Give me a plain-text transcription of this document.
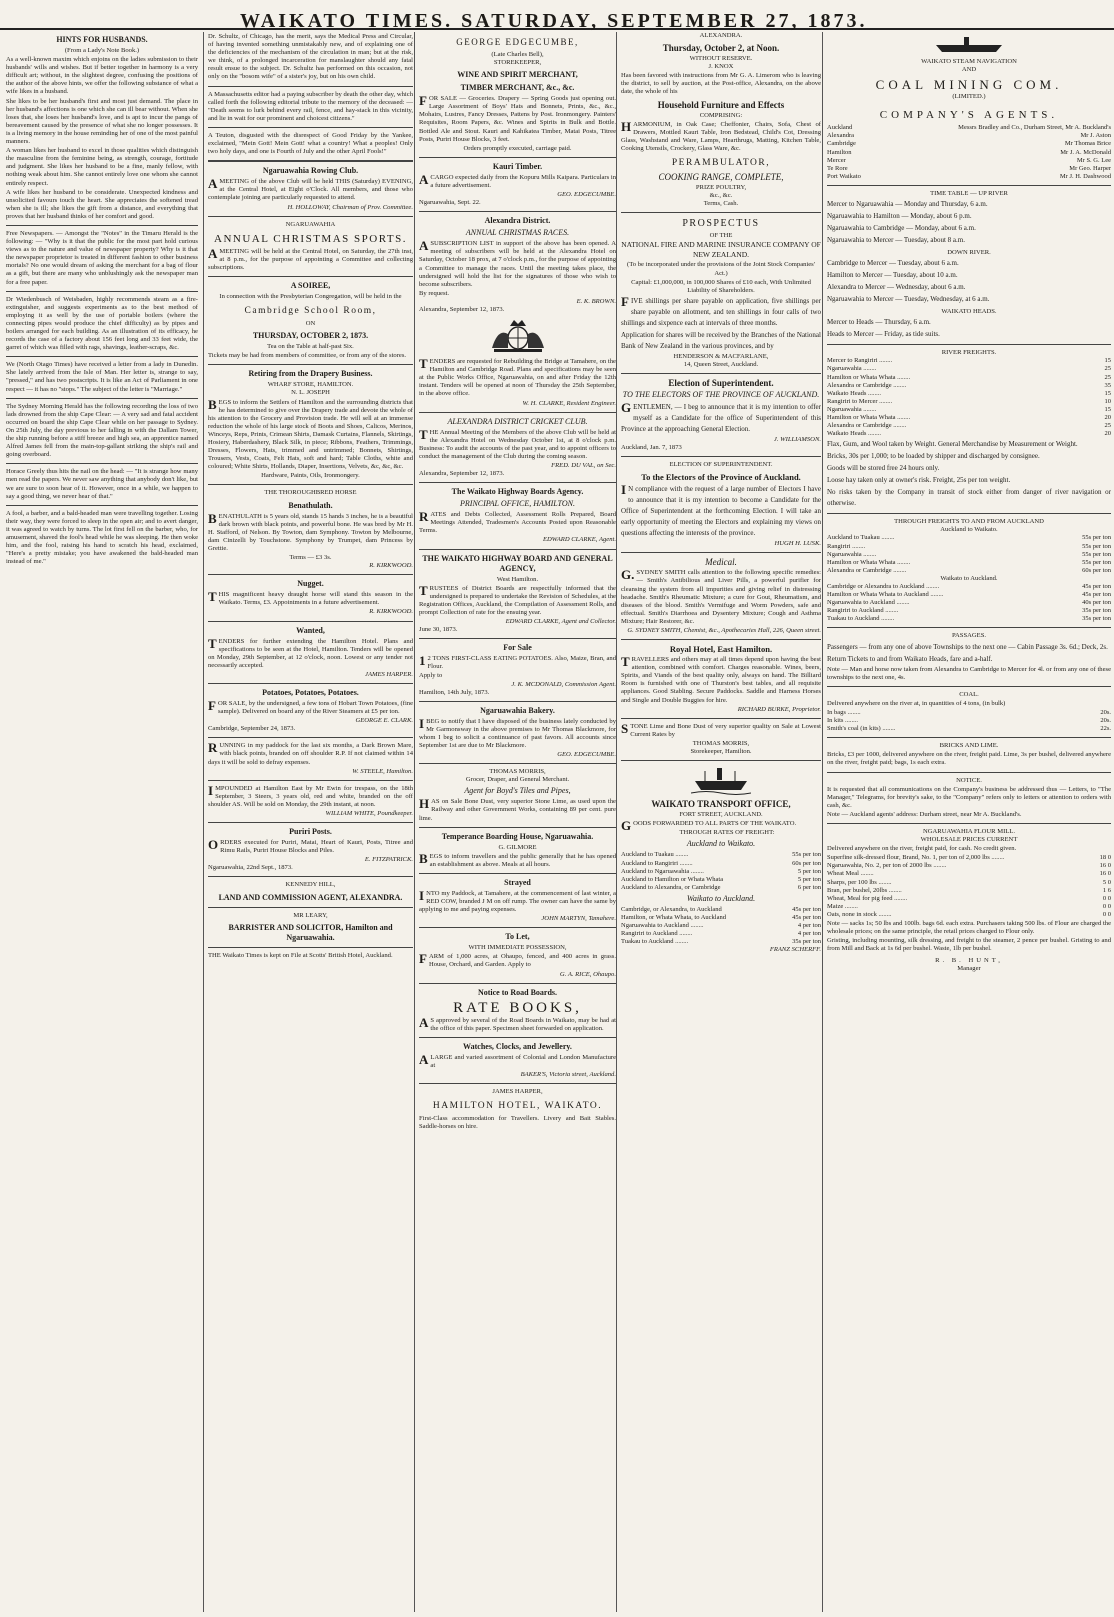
WAIKATO TIMES. SATURDAY, SEPTEMBER 27, 1873.
HINTS FOR HUSBANDS.
(From a Lady's Note Book.)

As a well-known maxim which enjoins on the ladies submission to their husbands' wills and wishes. But if better together in harmony is a very difficult art; without, in the slightest degree, confusing the positions of the author of the above hints, we offer the following substance of what a wife likes in a husband.

She likes to be her husband's first and most just demand. The place in her husband's affections is one which she can ill bear without. When she loses that, she loses her husband's love, and is apt to incur the pangs of bereavement caused by the presence of what she no longer possesses. It is a living memory in the house reminding her of one of the most painful manners.

A woman likes her husband to excel in those qualities which distinguish the masculine from the feminine being, as strength, courage, fortitude and judgment. She likes her husband to be a fine, manly fellow, with nothing weak about him. She cannot entirely love one whom she cannot entirely respect.

A wife likes her husband to be considerate. Unexpected kindness and unsolicited favours touch the heart. She appreciates the softened tread when she is ill; she likes the gift from a distance, and everything that proves that her husband thinks of her comfort and good.

Free Newspapers. — Amongst the "Notes" in the Timaru Herald is the following: — "Why is it that the public for the most part hold curious views as to the nature and value of newspaper property? Why is it that the newspaper proprietor is treated in different fashion to other business mortals? No one would dream of asking the merchant for a bag of flour as a gift, but there are many who unblushingly ask the newspaper man for a free paper.

Dr Wiedenbusch of Weisbaden, highly recommends steam as a fire-extinguisher, and suggests experiments as to the best method of employing it as well by the use of portable boilers (where the connecting pipes would produce the chief difficulty) as by pipes and boilers arranged for each building. As an illustration of its efficacy, he records the case of a factory about 156 feet long and 33 feet wide, the garret of which was filled with rags, shavings, leather-scraps, &c.

We (North Otago Times) have received a letter from a lady in Dunedin. She lately arrived from the Isle of Man. Her letter is, strange to say, "pressed," and has two postscripts. It is like an Act of Parliament in one respect — it has no "stops." The subject of the letter is "Marriage."

The Sydney Morning Herald has the following recording the loss of two lads drowned from the ship Cape Clear: — A very sad and fatal accident occurred on board the ship Cape Clear while on her passage to Sydney. On 25th July, the day previous to her falling in with the Dallam Tower, the ship running before a stiff breeze and high sea, an apprentice named Alfred James fell from the main-top-gallant striking the ship's rail and going overboard.

Horace Greely thus hits the nail on the head: — "It is strange how many men read the papers. We never saw anything that anybody don't like, but we are sure to soon hear of it. However, once in a while, we happen to say a good thing, we never hear of that."

A fool, a barber, and a bald-headed man were travelling together. Losing their way, they were forced to sleep in the open air; and to avert danger, it was agreed to watch by turns. The lot first fell on the barber, who, for amusement, shaved the fool's head while he was sleeping. He then woke him, and the fool, raising his hand to scratch his head, exclaimed, "Here's a pretty mistake; you have awakened the bald-headed man instead of me."

Dr. Schultz, of Chicago, has the merit, says the Medical Press and Circular, of having invented something unmistakably new, and of explaining one of the deficiencies of the mechanism of the circulation in man; but at the risk, we think, of a prolonged incarceration for manslaughter should any fatal result ensue to the subject. Dr. Schultz has performed on this occasion, not only on the "bosom wife" of a sister's joy, but on his own child.

A Massachusetts editor had a paying subscriber by death the other day, which called forth the following editorial tribute to the memory of the deceased: — "Death seems to lurk behind every rail, fence, and hay-stack in this vicinity, and lie in wait for our prominent and choicest citizens."

A Teuton, disgusted with the disrespect of Good Friday by the Yankee, exclaimed, "Mein Gott! Mein Gott! what a country! What a peoples! Only two holy days, and one is Fourth of July and the other April Fools!"

Ngaruawahia Rowing Club.

AMEETING of the above Club will be held THIS (Saturday) EVENING, at the Central Hotel, at Eight o'Clock. All members, and those who contemplate joining are particularly requested to attend.

H. HOLLOWAY, Chairman of Prov. Committee.
NGARUAWAHIA
ANNUAL CHRISTMAS SPORTS.

AMEETING will be held at the Central Hotel, on Saturday, the 27th inst, at 8 p.m., for the purpose of appointing a Committee and collecting subscriptions.

A SOIREE,
In connection with the Presbyterian Congregation, will be held in the
Cambridge School Room,
ON
THURSDAY, OCTOBER 2, 1873.
Tea on the Table at half-past Six.

Tickets may be had from members of committee, or from any of the stores.

Retiring from the Drapery Business.
WHARF STORE, HAMILTON.
N. L. JOSEPH

BEGS to inform the Settlers of Hamilton and the surrounding districts that he has determined to give over the Drapery trade and devote the whole of his attention to the Grocery and Provision trade. He will sell at an immense reduction the whole of his large stock of Boots and Shoes, Calicos, Merinos, Winceys, Reps, Prints, Crimean Shirts, Damask Curtains, Flannels, Skirtings, Hosiery, Haberdashery, Black Silk, in piece; Ribbons, Feathers, Trimmings, Dresses, Flowers, Hats, trimmed and untrimmed; Bonnets, Shirtings, Trousers, Vests, Coats, Felt Hats, soft and hard; Table Cloths, white and coloured; White Shirts, Hollands, Diaper, Insertions, Velvets, &c, &c, &c.

Hardware, Paints, Oils, Ironmongery.
THE THOROUGHBRED HORSE
Benathulath.

BENATHULATH is 5 years old, stands 15 hands 3 inches, he is a beautiful dark brown with black points, and powerful bone. He was bred by Mr H. H. Stafford, of Nelson. By Towton, dam Symphony. Towton by Melbourne, dam Cinizelli by Touchstone. Symphony by Trumpet, dam Princess by Grettie.

Terms — £3 3s.
R. KIRKWOOD.
Nugget.

THIS magnificent heavy draught horse will stand this season in the Waikato. Terms, £3. Appointments in a future advertisement.

R. KIRKWOOD.
Wanted,

TENDERS for further extending the Hamilton Hotel. Plans and specifications to be seen at the Hotel, Hamilton. Tenders will be opened on Monday, 29th September, at 12 o'clock, noon. Lowest or any tender not necessarily accepted.

JAMES HARPER.
Potatoes, Potatoes, Potatoes.

FOR SALE, by the undersigned, a few tons of Hobart Town Potatoes, (fine sample). Delivered on board any of the River Steamers at £5 per ton.

GEORGE E. CLARK.
Cambridge, September 24, 1873.

RUNNING in my paddock for the last six months, a Dark Brown Mare, with black points, branded on off shoulder R.P. If not claimed within 14 days it will be sold to defray expenses.

W. STEELE, Hamilton.

IMPOUNDED at Hamilton East by Mr Ewin for trespass, on the 18th September, 3 Steers, 3 years old, red and white, branded on the off shoulder AS. Will be sold on Monday, the 29th instant, at noon.

WILLIAM WHITE, Poundkeeper.
Puriri Posts.

ORDERS executed for Puriri, Matai, Heart of Kauri, Posts, Titree and Rimu Rails, Puriri House Blocks and Piles.

E. FITZPATRICK.
Ngaruawahia, 22nd Sept., 1873.
KENNEDY HILL,
LAND AND COMMISSION AGENT, ALEXANDRA.
MR LEARY,
BARRISTER AND SOLICITOR, Hamilton and Ngaruawahia.

THE Waikato Times is kept on File at Scotts' British Hotel, Auckland.

GEORGE EDGECUMBE,
(Late Charles Bell),
STOREKEEPER,
WINE AND SPIRIT MERCHANT,
TIMBER MERCHANT, &c., &c.

FOR SALE — Groceries. Drapery — Spring Goods just opening out. Large Assortment of Boys' Hats and Bonnets, Prints, &c., &c., Mohairs, Lustres, Fancy Dresses, Pattens by Post. Ironmongery. Painters' Requisites, Room Papers, &c. Wines and Spirits in Bulk and Bottle. Bottled Ale and Stout. Kauri and Kahikatea Timber, Matai Posts, Titree Posts, Puriri House Blocks, 3 feet.

Orders promptly executed, carriage paid.
Kauri Timber.

ACARGO expected daily from the Kopuru Mills Kaipara. Particulars in a future advertisement.

GEO. EDGECUMBE.
Ngaruawahia, Sept. 22.
Alexandra District.
ANNUAL CHRISTMAS RACES.

ASUBSCRIPTION LIST in support of the above has been opened. A meeting of subscribers will be held at the Alexandra Hotel on Saturday, October 18 prox, at 7 o'clock p.m., for the purpose of appointing a Committee to manage the races. Until the meeting takes place, the undersigned will hold the list for the signatures of those who wish to become subscribers.

By request.
E. K. BROWN.
Alexandra, September 12, 1873.

TENDERS are requested for Rebuilding the Bridge at Tamahere, on the Hamilton and Cambridge Road. Plans and specifications may be seen at the Public Works Office, Ngaruawahia, on and after Friday the 12th instant. Tenders will be opened at noon of Thursday the 25th September, in the above office.

W. H. CLARKE, Resident Engineer.
ALEXANDRA DISTRICT CRICKET CLUB.

THE Annual Meeting of the Members of the above Club will be held at the Alexandra Hotel on Wednesday October 1st, at 8 o'clock p.m. Business: To audit the accounts of the past year, and to appoint officers to conduct the management of the Club during the coming season.

FRED. DU VAL, on Sec.
Alexandra, September 12, 1873.
The Waikato Highway Boards Agency.
PRINCIPAL OFFICE, HAMILTON.

RATES and Debts Collected, Assessment Rolls Prepared, Board Meetings Attended, Tradesmen's Accounts Posted upon Reasonable Terms.

EDWARD CLARKE, Agent.
THE WAIKATO HIGHWAY BOARD AND GENERAL AGENCY,
West Hamilton.

TRUSTEES of District Boards are respectfully informed that the undersigned is prepared to undertake the Revision of Schedules, at the Registration Offices, Auckland, the Compilation of Assessment Rolls, and prompt Collection of rate for the ensuing year.

EDWARD CLARKE, Agent and Collector.
June 30, 1873.
For Sale

12 TONS FIRST-CLASS EATING POTATOES. Also, Maize, Bran, and Flour.

Apply to
J. K. MCDONALD, Commission Agent.
Hamilton, 14th July, 1873.
Ngaruawahia Bakery.

IBEG to notify that I have disposed of the business lately conducted by Mr Garmonsway in the above premises to Mr Thomas Blackmore, for whom I beg to solicit a continuance of past favors. All accounts since September 1st are due to Mr Blackmore.

GEO. EDGECUMBE.
THOMAS MORRIS,
Grocer, Draper, and General Merchant.
Agent for Boyd's Tiles and Pipes,

HAS on Sale Bone Dust, very superior Stone Lime, as used upon the Railway and other Government Works, containing 89 per cent. pure lime.

Temperance Boarding House, Ngaruawahia.
G. GILMORE

BEGS to inform travellers and the public generally that he has opened an establishment as above. Meals at all hours.

Strayed

INTO my Paddock, at Tamahere, at the commencement of last winter, a RED COW, branded J M on off rump. The owner can have the same by applying to me and paying expenses.

JOHN MARTYN, Tamahere.
To Let,
WITH IMMEDIATE POSSESSION,

FARM of 1,000 acres, at Ohaupo, fenced, and 400 acres in grass. House, Orchard, and Garden. Apply to

G. A. RICE, Ohaupo.
Notice to Road Boards.
RATE BOOKS,

AS approved by several of the Road Boards in Waikato, may be had at the office of this paper. Specimen sheet forwarded on application.

Watches, Clocks, and Jewellery.

ALARGE and varied assortment of Colonial and London Manufacture at

BAKER'S, Victoria street, Auckland.
JAMES HARPER,
HAMILTON HOTEL, WAIKATO.

First-Class accommodation for Travellers. Livery and Bait Stables. Saddle-horses on hire.

ALEXANDRA.
Thursday, October 2, at Noon.
WITHOUT RESERVE.
J. KNOX

Has been favored with instructions from Mr G. A. Limerom who is leaving the district, to sell by auction, at the Post-office, Alexandra, on the above date, the whole of his

Household Furniture and Effects
COMPRISING:

HARMONIUM, in Oak Case; Cheffonier, Chairs, Sofa, Chest of Drawers, Mottled Kauri Table, Iron Bedstead, Child's Cot, Dressing Glass, Washstand and Ware, Lamps, Hearthrugs, Matting, Kitchen Table, Cooking Utensils, Crockery, Glass Ware, &c.

PERAMBULATOR,
COOKING RANGE, COMPLETE,
PRIZE POULTRY,
&c., &c.
Terms, Cash.
PROSPECTUS
OF THE
NATIONAL FIRE AND MARINE INSURANCE COMPANY OF NEW ZEALAND.

(To be incorporated under the provisions of the Joint Stock Companies' Act.)

Capital: £1,000,000, in 100,000 Shares of £10 each, With Unlimited Liability of Shareholders.

FIVE shillings per share payable on application, five shillings per share payable on allotment, and ten shillings in four calls of two shillings and sixpence each at intervals of three months.

Application for shares will be received by the Branches of the National Bank of New Zealand in the various provinces, and by

HENDERSON & MACFARLANE,
14, Queen Street, Auckland.
Election of Superintendent.
TO THE ELECTORS OF THE PROVINCE OF AUCKLAND.

GENTLEMEN, — I beg to announce that it is my intention to offer myself as a Candidate for the office of Superintendent of this Province at the approaching General Election.

J. WILLIAMSON.
Auckland, Jan. 7, 1873
ELECTION OF SUPERINTENDENT.
To the Electors of the Province of Auckland.

IN compliance with the request of a large number of Electors I have to announce that it is my intention to become a Candidate for the Office of Superintendent at the forthcoming Election. I will take an early opportunity of meeting the Electors and explaining my views on questions affecting the interests of the province.

HUGH H. LUSK.
Medical.

G.SYDNEY SMITH calls attention to the following specific remedies: — Smith's Antibilious and Liver Pills, a powerful purifier for cleansing the system from all impurities and giving relief in distressing headache. Smith's Rheumatic Mixture; a cure for Gout, Rheumatism, and diseases of the blood. Smith's Vermifuge and Worm Powders, safe and effectual. Smith's Diarrhoea and Dysentery Mixture; Cough and Asthma Mixture; Hair Restorer, &c.

G. SYDNEY SMITH, Chemist, &c., Apothecaries Hall, 226, Queen street.
Royal Hotel, East Hamilton.

TRAVELLERS and others may at all times depend upon having the best attention, combined with comfort. Charges reasonable. Wines, beers, Spirits, and Viands of the best quality only, always on hand. The Billiard Room is furnished with one of Thurston's best tables, and all requisite appliances. Good Stabling. Secure Paddocks. Saddle and Harness Horses and Single and Double Buggies for hire.

RICHARD BURKE, Proprietor.

STONE Lime and Bone Dust of very superior quality on Sale at Lowest Current Rates by

THOMAS MORRIS,
Storekeeper, Hamilton.
WAIKATO TRANSPORT OFFICE,
FORT STREET, AUCKLAND.

GOODS FORWARDED TO ALL PARTS OF THE WAIKATO.

THROUGH RATES OF FREIGHT:
Auckland to Waikato.
Auckland to Tuakau ........	55s per ton
Auckland to Rangiriri ........	60s per ton
Auckland to Ngaruawahia ........	5 per ton
Auckland to Hamilton or Whata Whata	5 per ton
Auckland to Alexandra, or Cambridge	6 per ton
Waikato to Auckland.
Cambridge, or Alexandra, to Auckland	45s per ton
Hamilton, or Whata Whata, to Auckland	45s per ton
Ngaruawahia to Auckland ........	4 per ton
Rangiriri to Auckland ........	4 per ton
Tuakau to Auckland ........	35s per ton
FRANZ SCHERFF.
WAIKATO STEAM NAVIGATION
AND
COAL MINING COM.
(LIMITED.)
COMPANY'S AGENTS.
Auckland	Messrs Bradley and Co., Durham Street, Mr A. Buckland's
Alexandra	Mr J. Aston
Cambridge	Mr Thomas Brice
Hamilton	Mr J. A. McDonald
Mercer	Mr S. G. Lee
Te Rore	Mr Geo. Harper
Port Waikato	Mr J. H. Dashwood
TIME TABLE — UP RIVER
Mercer to Ngaruawahia — Monday and Thursday, 6 a.m.
Ngaruawahia to Hamilton — Monday, about 6 p.m.
Ngaruawahia to Cambridge — Monday, about 6 a.m.
Ngaruawahia to Mercer — Tuesday, about 8 a.m.
DOWN RIVER.
Cambridge to Mercer — Tuesday, about 6 a.m.
Hamilton to Mercer — Tuesday, about 10 a.m.
Alexandra to Mercer — Wednesday, about 6 a.m.
Ngaruawahia to Mercer — Tuesday, Wednesday, at 6 a.m.
WAIKATO HEADS.
Mercer to Heads — Thursday, 6 a.m.
Heads to Mercer — Friday, as tide suits.
RIVER FREIGHTS.
Mercer to Rangiriri ........	15
Ngaruawahia ........	25
Hamilton or Whata Whata ........	25
Alexandra or Cambridge ........	35
Waikato Heads ........	15
Rangiriri to Mercer ........	10
Ngaruawahia ........	15
Hamilton or Whata Whata ........	20
Alexandra or Cambridge ........	25
Waikato Heads ........	20

Flax, Gum, and Wool taken by Weight. General Merchandise by Measurement or Weight.

Bricks, 30s per 1,000; to be loaded by shipper and discharged by consignee.

Goods will be stored free 24 hours only.

Loose hay taken only at owner's risk. Freight, 25s per ton weight.

No risks taken by the Company in transit of stock either from danger of river navigation or otherwise.

THROUGH FREIGHTS TO AND FROM AUCKLAND
Auckland to Waikato.
Auckland to Tuakau ........	55s per ton
Rangiriri ........	55s per ton
Ngaruawahia ........	55s per ton
Hamilton or Whata Whata ........	55s per ton
Alexandra or Cambridge ........	60s per ton
Waikato to Auckland.
Cambridge or Alexandra to Auckland ........	45s per ton
Hamilton or Whata Whata to Auckland ........	45s per ton
Ngaruawahia to Auckland ........	40s per ton
Rangiriri to Auckland ........	35s per ton
Tuakau to Auckland ........	35s per ton
PASSAGES.

Passengers — from any one of above Townships to the next one — Cabin Passage 3s. 6d.; Deck, 2s.

Return Tickets to and from Waikato Heads, fare and a-half.

Note — Man and horse now taken from Alexandra to Cambridge to Mercer for 4l. or from any one of these townships to the next one, 4s.

COAL.

Delivered anywhere on the river at, in quantities of 4 tons, (in bulk)

In bags ........	20s.
In kits ........	20s.
Smith's coal (in kits) ........	22s.
BRICKS AND LIME.

Bricks, £3 per 1000, delivered anywhere on the river, freight paid. Lime, 3s per bushel, delivered anywhere on the river, freight paid; bags, 1s each extra.

NOTICE.

It is requested that all communications on the Company's business be addressed thus — Letters, to "The Manager," Telegrams, for brevity's sake, to the "Company" refers only to letters or attention to orders with cash, &c.

Note — Auckland agents' address: Durham street, near Mr A. Buckland's.

NGARUAWAHIA FLOUR MILL.
WHOLESALE PRICES CURRENT

Delivered anywhere on the river, freight paid, for cash. No credit given.

Superfine silk-dressed flour, Brand, No. 1, per ton of 2,000 lbs ........	18 0
Ngaruawahia, No. 2, per ton of 2000 lbs ........	16 0
Wheat Meal ........	16 0
Sharps, per 100 lbs ........	5 0
Bran, per bushel, 20lbs ........	1 6
Wheat, Meal for pig feed ........	0 0
Maize ........	0 0
Oats, none in stock ........	0 0

Note — sacks 1s; 50 lbs and 100lb. bags 6d. each extra. Purchasers taking 500 lbs. of Flour are charged the wholesale prices; on the same principle, the retail prices charged to Flour only.

Gristing, including mounting, silk dressing, and freight to the steamer, 2 pence per bushel. Gristing to and from Mill and Back at 1s 6d per bushel. Waste, 1lb per bushel.

R. B. HUNT,
Manager
